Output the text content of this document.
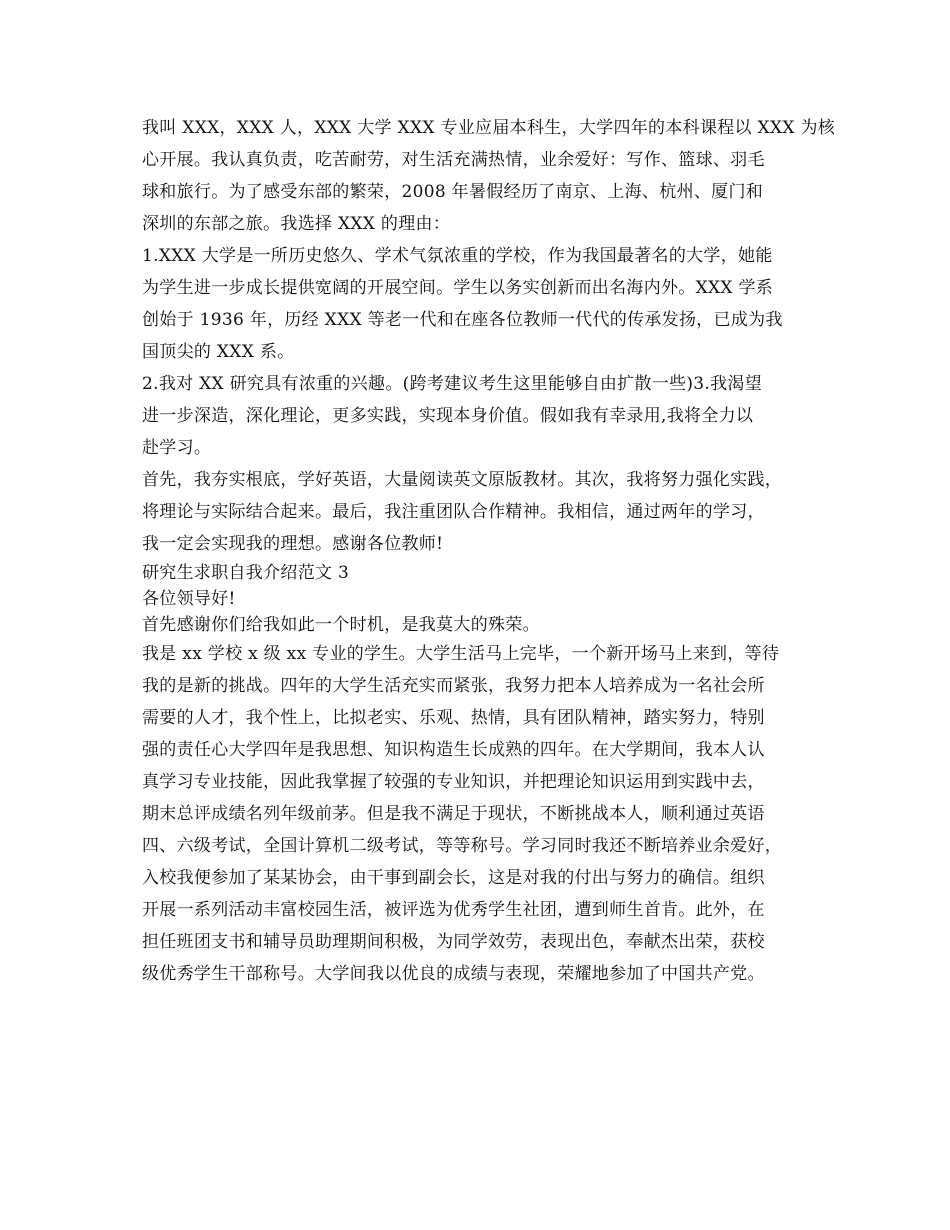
我叫 XXX，XXX 人，XXX 大学 XXX 专业应届本科生，大学四年的本科课程以 XXX 为核
心开展。我认真负责，吃苦耐劳，对生活充满热情，业余爱好：写作、篮球、羽毛
球和旅行。为了感受东部的繁荣，2008 年暑假经历了南京、上海、杭州、厦门和
深圳的东部之旅。我选择 XXX 的理由：
1.XXX 大学是一所历史悠久、学术气氛浓重的学校，作为我国最著名的大学，她能
为学生进一步成长提供宽阔的开展空间。学生以务实创新而出名海内外。XXX 学系
创始于 1936 年，历经 XXX 等老一代和在座各位教师一代代的传承发扬，已成为我
国顶尖的 XXX 系。
2.我对 XX 研究具有浓重的兴趣。(跨考建议考生这里能够自由扩散一些)3.我渴望
进一步深造，深化理论，更多实践，实现本身价值。假如我有幸录用,我将全力以
赴学习。
首先，我夯实根底，学好英语，大量阅读英文原版教材。其次，我将努力强化实践，
将理论与实际结合起来。最后，我注重团队合作精神。我相信，通过两年的学习，
我一定会实现我的理想。感谢各位教师!
研究生求职自我介绍范文 3
各位领导好!
首先感谢你们给我如此一个时机，是我莫大的殊荣。
我是 xx 学校 x 级 xx 专业的学生。大学生活马上完毕，一个新开场马上来到，等待
我的是新的挑战。四年的大学生活充实而紧张，我努力把本人培养成为一名社会所
需要的人才，我个性上，比拟老实、乐观、热情，具有团队精神，踏实努力，特别
强的责任心大学四年是我思想、知识构造生长成熟的四年。在大学期间，我本人认
真学习专业技能，因此我掌握了较强的专业知识，并把理论知识运用到实践中去，
期末总评成绩名列年级前茅。但是我不满足于现状，不断挑战本人，顺利通过英语
四、六级考试，全国计算机二级考试，等等称号。学习同时我还不断培养业余爱好，
入校我便参加了某某协会，由干事到副会长，这是对我的付出与努力的确信。组织
开展一系列活动丰富校园生活，被评选为优秀学生社团，遭到师生首肯。此外，在
担任班团支书和辅导员助理期间积极，为同学效劳，表现出色，奉献杰出荣，获校
级优秀学生干部称号。大学间我以优良的成绩与表现，荣耀地参加了中国共产党。
